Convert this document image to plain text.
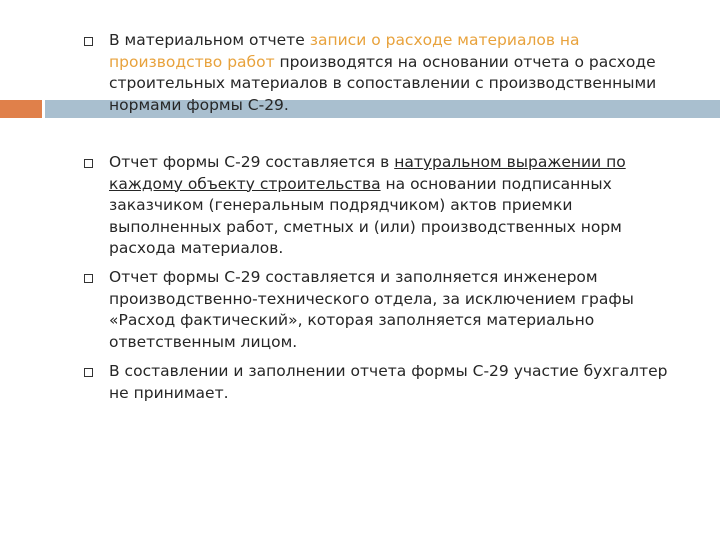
В материальном отчете записи о расходе материалов на
производство работ производятся на основании отчета о расходе
строительных материалов в сопоставлении с производственными
нормами формы С-29.
Отчет формы С-29 составляется в натуральном выражении по
каждому объекту строительства на основании подписанных
заказчиком (генеральным подрядчиком) актов приемки
выполненных работ, сметных и (или) производственных норм
расхода материалов.
Отчет формы С-29 составляется и заполняется инженером
производственно-технического отдела, за исключением графы
«Расход фактический», которая заполняется материально
ответственным лицом.
В составлении и заполнении отчета формы С-29 участие бухгалтер
не принимает.
